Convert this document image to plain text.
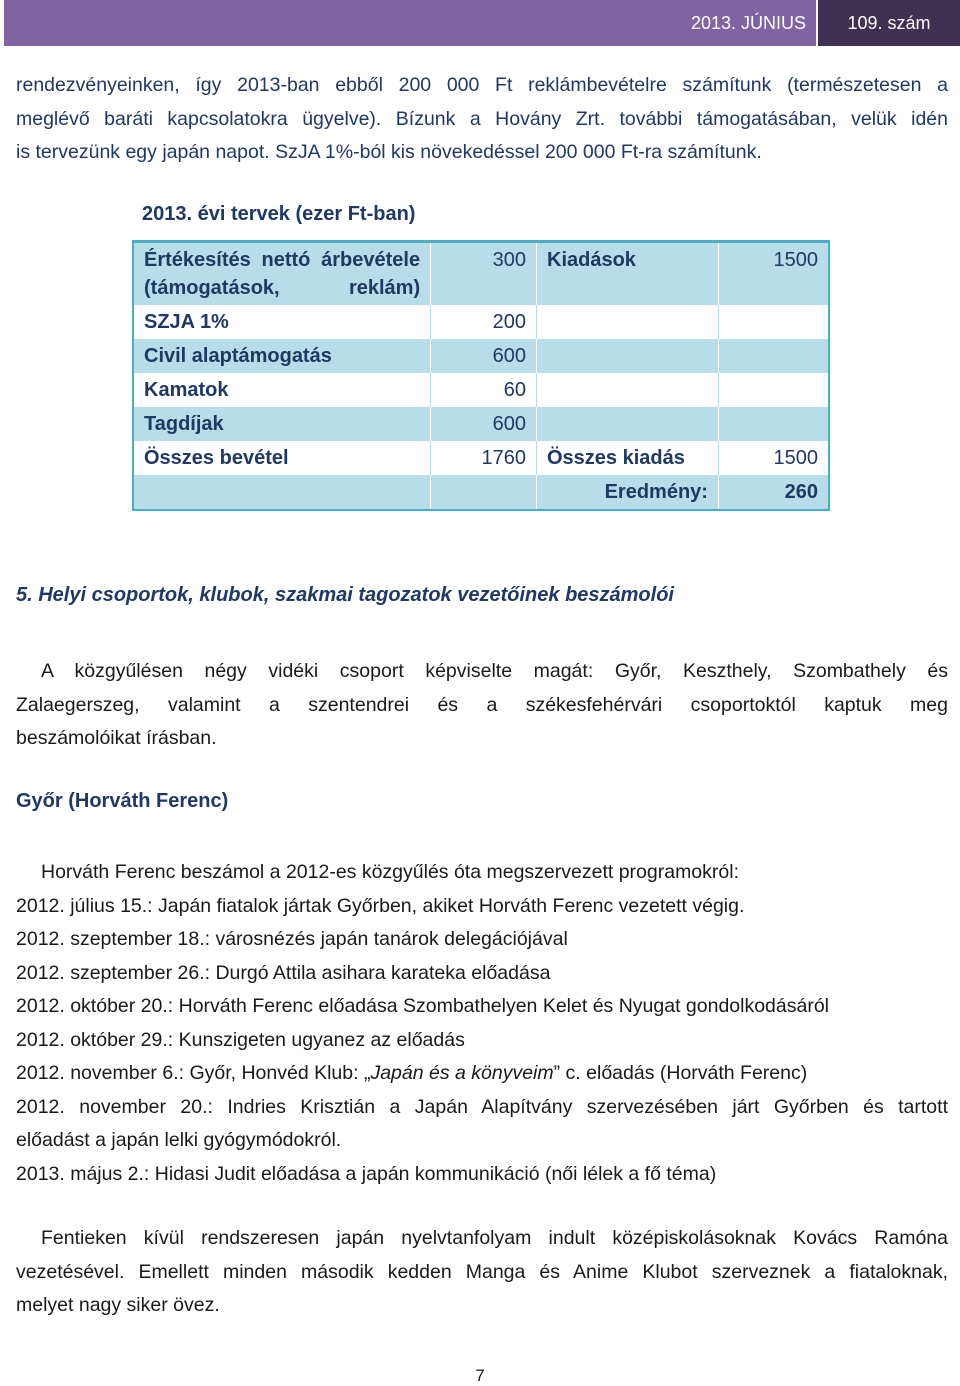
2013. JÚNIUS	109. szám
rendezvényeinken, így 2013-ban ebből 200 000 Ft reklámbevételre számítunk (természetesen a
meglévő baráti kapcsolatokra ügyelve). Bízunk a Hovány Zrt. további támogatásában, velük idén
is tervezünk egy japán napot. SzJA 1%-ból kis növekedéssel 200 000 Ft-ra számítunk.
2013. évi tervek (ezer Ft-ban)
Értékesítés nettó árbevétele (támogatások, reklám)	300	Kiadások	1500
SZJA 1%	200		
Civil alaptámogatás	600		
Kamatok	60		
Tagdíjak	600		
Összes bevétel	1760	Összes kiadás	1500
		Eredmény:	260
5. Helyi csoportok, klubok, szakmai tagozatok vezetőinek beszámolói
A közgyűlésen négy vidéki csoport képviselte magát: Győr, Keszthely, Szombathely és
Zalaegerszeg, valamint a szentendrei és a székesfehérvári csoportoktól kaptuk meg
beszámolóikat írásban.
Győr (Horváth Ferenc)
Horváth Ferenc beszámol a 2012-es közgyűlés óta megszervezett programokról:
2012. július 15.: Japán fiatalok jártak Győrben, akiket Horváth Ferenc vezetett végig.
2012. szeptember 18.: városnézés japán tanárok delegációjával
2012. szeptember 26.: Durgó Attila asihara karateka előadása
2012. október 20.: Horváth Ferenc előadása Szombathelyen Kelet és Nyugat gondolkodásáról
2012. október 29.: Kunszigeten ugyanez az előadás
2012. november 6.: Győr, Honvéd Klub: „Japán és a könyveim” c. előadás (Horváth Ferenc)
2012. november 20.: Indries Krisztián a Japán Alapítvány szervezésében járt Győrben és tartott
előadást a japán lelki gyógymódokról.
2013. május 2.: Hidasi Judit előadása a japán kommunikáció (női lélek a fő téma)
Fentieken kívül rendszeresen japán nyelvtanfolyam indult középiskolásoknak Kovács Ramóna
vezetésével. Emellett minden második kedden Manga és Anime Klubot szerveznek a fiataloknak,
melyet nagy siker övez.
7
